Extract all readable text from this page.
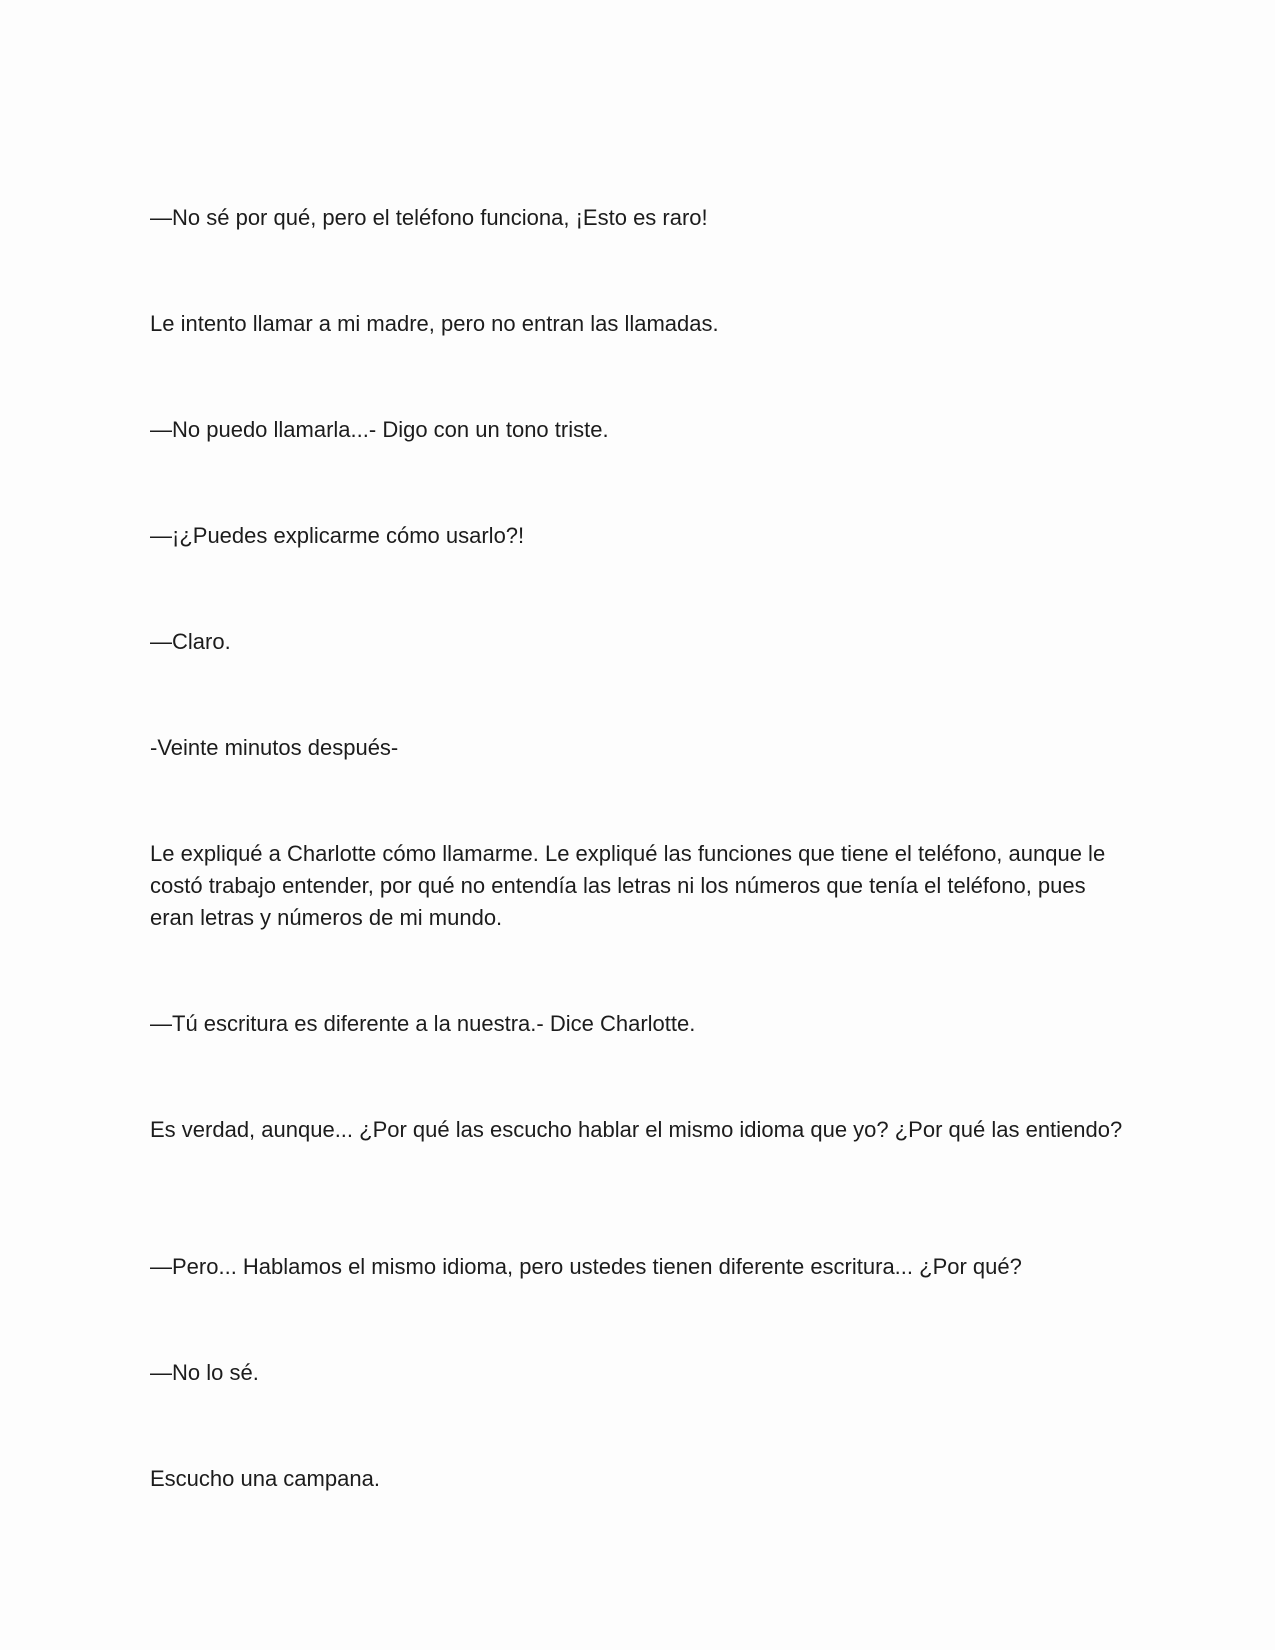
—No sé por qué, pero el teléfono funciona, ¡Esto es raro!

Le intento llamar a mi madre, pero no entran las llamadas.

—No puedo llamarla...- Digo con un tono triste.

—¡¿Puedes explicarme cómo usarlo?!

—Claro.

-Veinte minutos después-

Le expliqué a Charlotte cómo llamarme. Le expliqué las funciones que tiene el teléfono, aunque le costó trabajo entender, por qué no entendía las letras ni los números que tenía el teléfono, pues eran letras y números de mi mundo.

—Tú escritura es diferente a la nuestra.- Dice Charlotte.

Es verdad, aunque... ¿Por qué las escucho hablar el mismo idioma que yo? ¿Por qué las entiendo?

—Pero... Hablamos el mismo idioma, pero ustedes tienen diferente escritura... ¿Por qué?

—No lo sé.

Escucho una campana.
